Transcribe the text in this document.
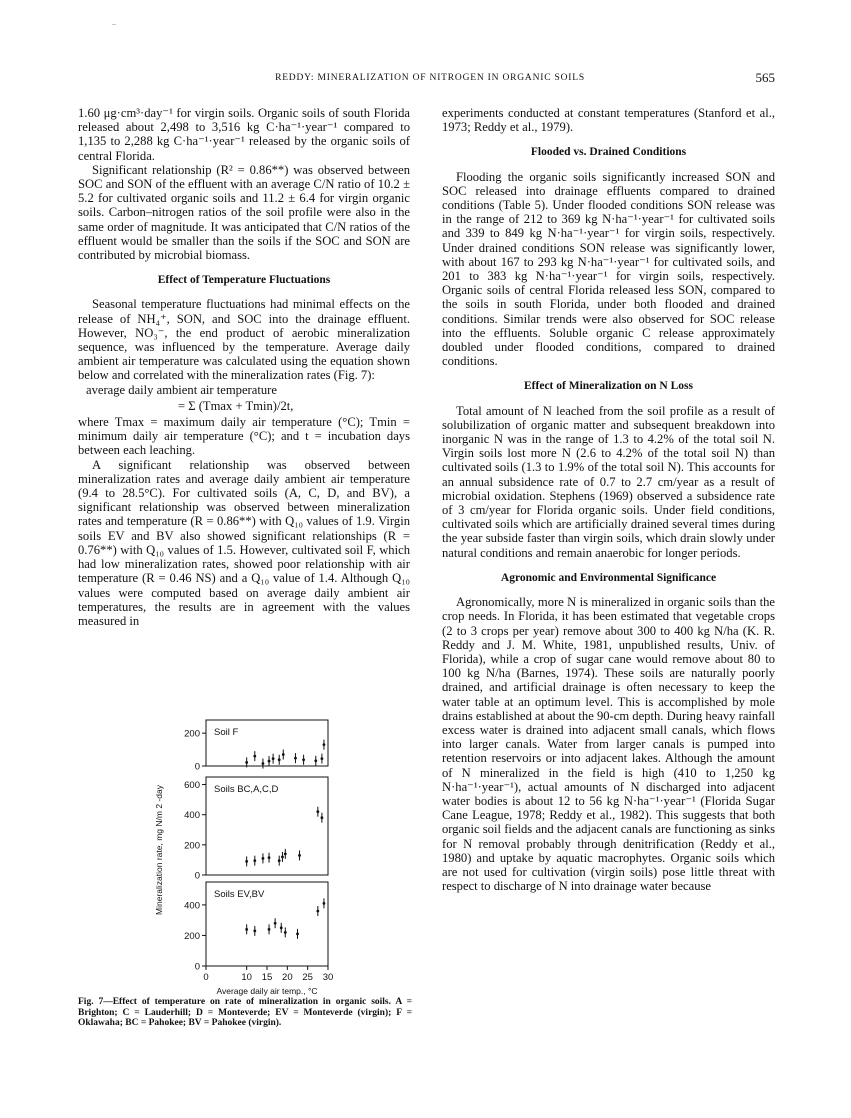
..
REDDY: MINERALIZATION OF NITROGEN IN ORGANIC SOILS	565

1.60 μg·cm³·day⁻¹ for virgin soils. Organic soils of south Florida released about 2,498 to 3,516 kg C·ha⁻¹·year⁻¹ compared to 1,135 to 2,288 kg C·ha⁻¹·year⁻¹ released by the organic soils of central Florida.

Significant relationship (R² = 0.86**) was observed between SOC and SON of the effluent with an average C/N ratio of 10.2 ± 5.2 for cultivated organic soils and 11.2 ± 6.4 for virgin organic soils. Carbon–nitrogen ratios of the soil profile were also in the same order of magnitude. It was anticipated that C/N ratios of the effluent would be smaller than the soils if the SOC and SON are contributed by microbial biomass.

Effect of Temperature Fluctuations

Seasonal temperature fluctuations had minimal effects on the release of NH₄⁺, SON, and SOC into the drainage effluent. However, NO₃⁻, the end product of aerobic mineralization sequence, was influenced by the temperature. Average daily ambient air temperature was calculated using the equation shown below and correlated with the mineralization rates (Fig. 7):

average daily ambient air temperature

= Σ (Tmax + Tmin)/2t,

where Tmax = maximum daily air temperature (°C); Tmin = minimum daily air temperature (°C); and t = incubation days between each leaching.

A significant relationship was observed between mineralization rates and average daily ambient air temperature (9.4 to 28.5°C). For cultivated soils (A, C, D, and BV), a significant relationship was observed between mineralization rates and temperature (R = 0.86**) with Q₁₀ values of 1.9. Virgin soils EV and BV also showed significant relationships (R = 0.76**) with Q₁₀ values of 1.5. However, cultivated soil F, which had low mineralization rates, showed poor relationship with air temperature (R = 0.46 NS) and a Q₁₀ value of 1.4. Although Q₁₀ values were computed based on average daily ambient air temperatures, the results are in agreement with the values measured in

experiments conducted at constant temperatures (Stanford et al., 1973; Reddy et al., 1979).

Flooded vs. Drained Conditions

Flooding the organic soils significantly increased SON and SOC released into drainage effluents compared to drained conditions (Table 5). Under flooded conditions SON release was in the range of 212 to 369 kg N·ha⁻¹·year⁻¹ for cultivated soils and 339 to 849 kg N·ha⁻¹·year⁻¹ for virgin soils, respectively. Under drained conditions SON release was significantly lower, with about 167 to 293 kg N·ha⁻¹·year⁻¹ for cultivated soils, and 201 to 383 kg N·ha⁻¹·year⁻¹ for virgin soils, respectively. Organic soils of central Florida released less SON, compared to the soils in south Florida, under both flooded and drained conditions. Similar trends were also observed for SOC release into the effluents. Soluble organic C release approximately doubled under flooded conditions, compared to drained conditions.

Effect of Mineralization on N Loss

Total amount of N leached from the soil profile as a result of solubilization of organic matter and subsequent breakdown into inorganic N was in the range of 1.3 to 4.2% of the total soil N. Virgin soils lost more N (2.6 to 4.2% of the total soil N) than cultivated soils (1.3 to 1.9% of the total soil N). This accounts for an annual subsidence rate of 0.7 to 2.7 cm/year as a result of microbial oxidation. Stephens (1969) observed a subsidence rate of 3 cm/year for Florida organic soils. Under field conditions, cultivated soils which are artificially drained several times during the year subside faster than virgin soils, which drain slowly under natural conditions and remain anaerobic for longer periods.

Agronomic and Environmental Significance

Agronomically, more N is mineralized in organic soils than the crop needs. In Florida, it has been estimated that vegetable crops (2 to 3 crops per year) remove about 300 to 400 kg N/ha (K. R. Reddy and J. M. White, 1981, unpublished results, Univ. of Florida), while a crop of sugar cane would remove about 80 to 100 kg N/ha (Barnes, 1974). These soils are naturally poorly drained, and artificial drainage is often necessary to keep the water table at an optimum level. This is accomplished by mole drains established at about the 90-cm depth. During heavy rainfall excess water is drained into adjacent small canals, which flows into larger canals. Water from larger canals is pumped into retention reservoirs or into adjacent lakes. Although the amount of N mineralized in the field is high (410 to 1,250 kg N·ha⁻¹·year⁻¹), actual amounts of N discharged into adjacent water bodies is about 12 to 56 kg N·ha⁻¹·year⁻¹ (Florida Sugar Cane League, 1978; Reddy et al., 1982). This suggests that both organic soil fields and the adjacent canals are functioning as sinks for N removal probably through denitrification (Reddy et al., 1980) and uptake by aquatic macrophytes. Organic soils which are not used for cultivation (virgin soils) pose little threat with respect to discharge of N into drainage water because

Soil F
0
200
Soils BC,A,C,D
0
200
400
600
Soils EV,BV
0
200
400
0	10 15 20 25 30
Average daily air temp., °C
Mineralization rate, mg N/m 2 -day
Fig. 7—Effect of temperature on rate of mineralization in organic soils. A = Brighton; C = Lauderhill; D = Monteverde; EV = Monteverde (virgin); F = Oklawaha; BC = Pahokee; BV = Pahokee (virgin).
